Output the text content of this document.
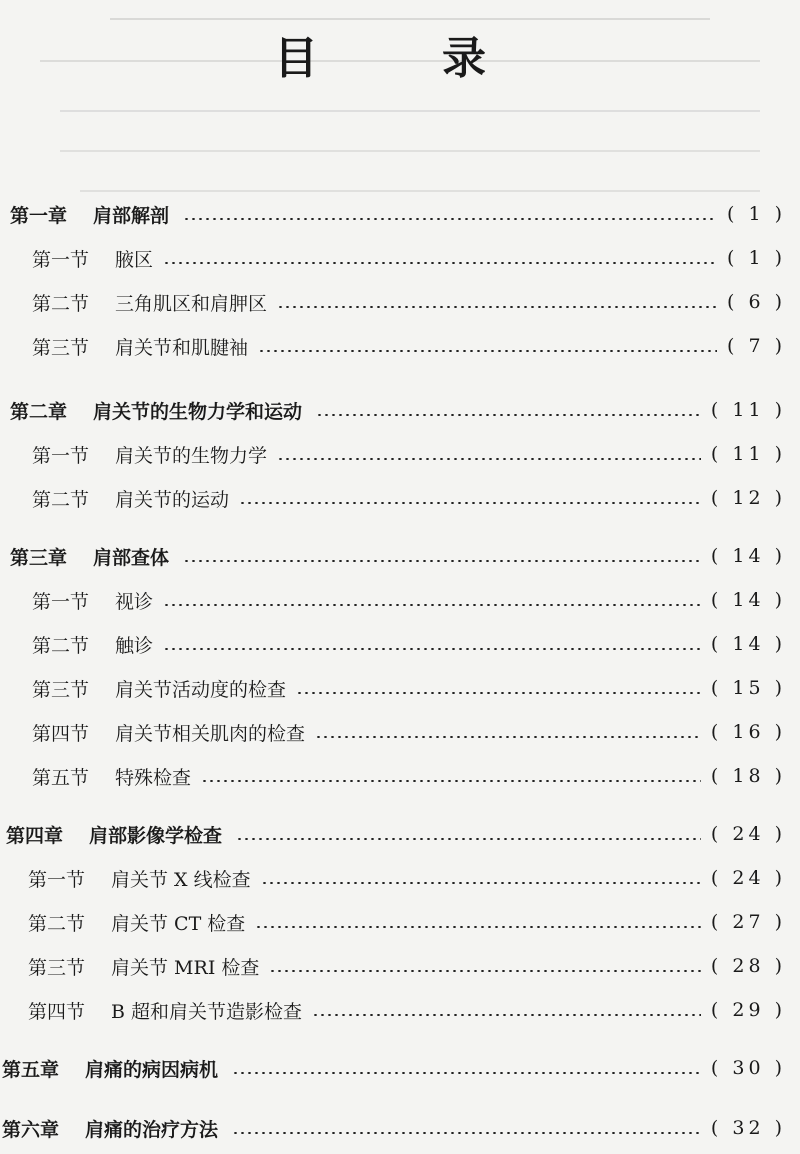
目　录
第一章 肩部解剖	( 1 )
第一节 腋区	( 1 )
第二节 三角肌区和肩胛区	( 6 )
第三节 肩关节和肌腱袖	( 7 )
第二章 肩关节的生物力学和运动	( 11 )
第一节 肩关节的生物力学	( 11 )
第二节 肩关节的运动	( 12 )
第三章 肩部查体	( 14 )
第一节 视诊	( 14 )
第二节 触诊	( 14 )
第三节 肩关节活动度的检查	( 15 )
第四节 肩关节相关肌肉的检查	( 16 )
第五节 特殊检查	( 18 )
第四章 肩部影像学检查	( 24 )
第一节 肩关节 X 线检查	( 24 )
第二节 肩关节 CT 检查	( 27 )
第三节 肩关节 MRI 检查	( 28 )
第四节 B 超和肩关节造影检查	( 29 )
第五章 肩痛的病因病机	( 30 )
第六章 肩痛的治疗方法	( 32 )
